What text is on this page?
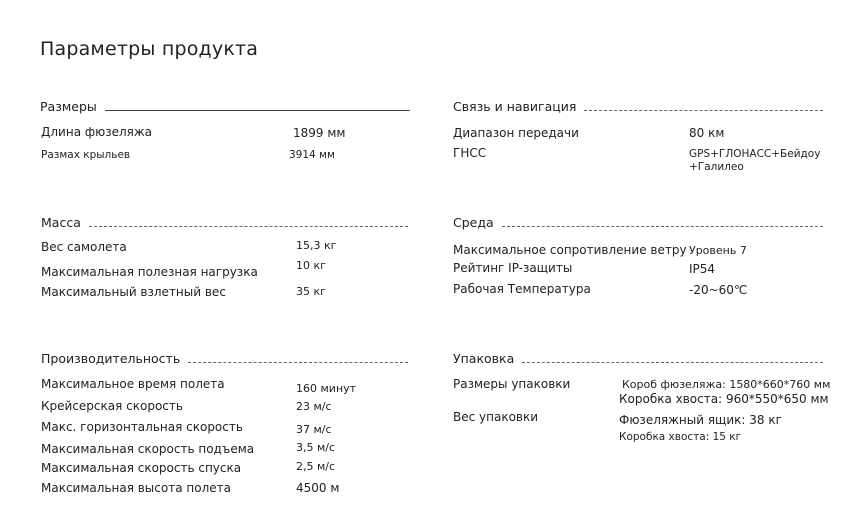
Параметры продукта
Размеры
Длина фюзеляжа	1899 мм
Размах крыльев	3914 мм
Связь и навигация
Диапазон передачи	80 км
ГНСС	GPS+ГЛОНАСС+Бейдоу
+Галилео
Масса
Вес самолета	15,3 кг
Максимальная полезная нагрузка	10 кг
Максимальный взлетный вес	35 кг
Среда
Максимальное сопротивление ветру Уровень 7
Рейтинг IP-защиты	IP54
Рабочая Температура	-20~60℃
Производительность
Максимальное время полета	160 минут
Крейсерская скорость	23 м/с
Макс. горизонтальная скорость	37 м/с
Максимальная скорость подъема	3,5 м/с
Максимальная скорость спуска	2,5 м/с
Максимальная высота полета	4500 м
Упаковка
Размеры упаковки	Короб фюзеляжа: 1580*660*760 мм
Коробка хвоста: 960*550*650 мм
Вес упаковки	Фюзеляжный ящик: 38 кг
Коробка хвоста: 15 кг
